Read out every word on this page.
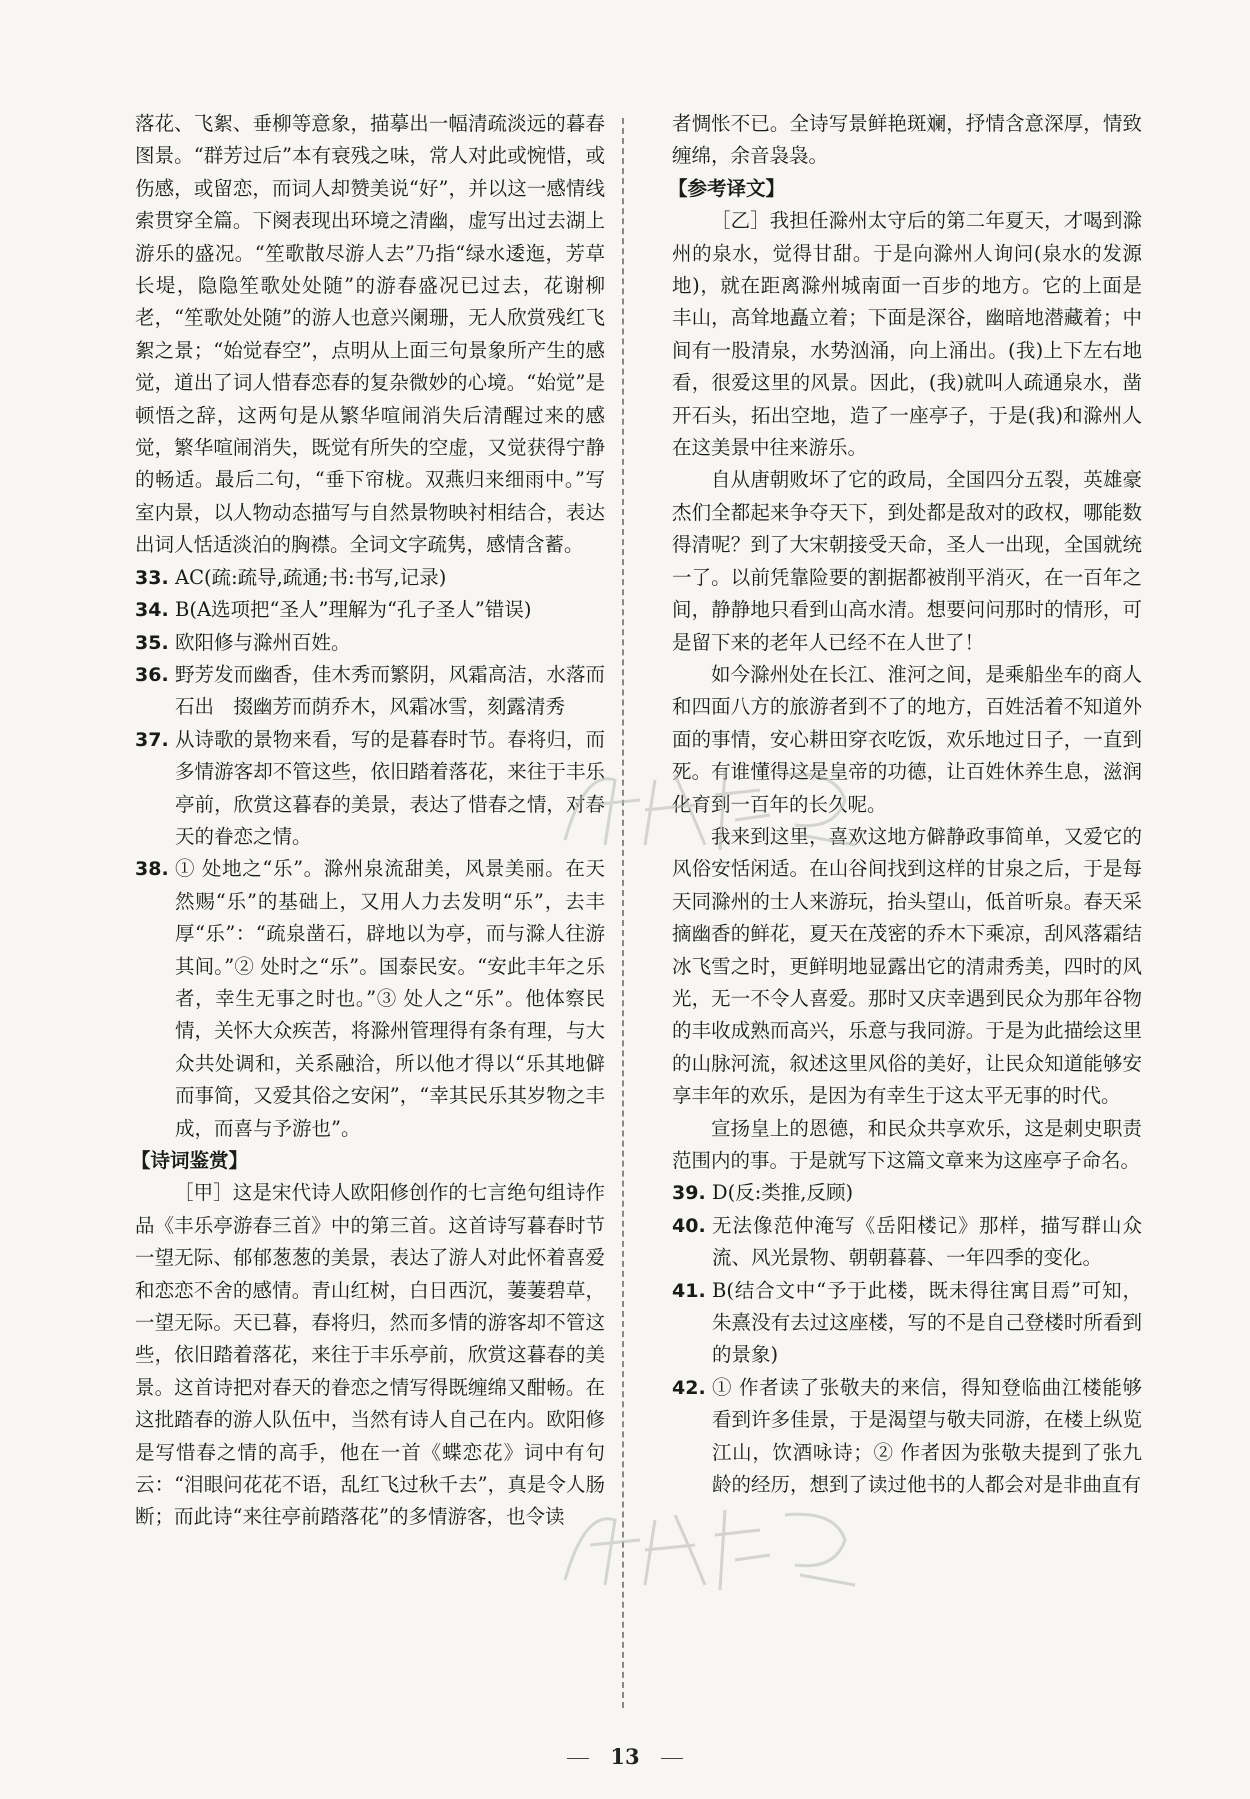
落花、飞絮、垂柳等意象，描摹出一幅清疏淡远的暮春图景。“群芳过后”本有衰残之味，常人对此或惋惜，或伤感，或留恋，而词人却赞美说“好”，并以这一感情线索贯穿全篇。下阕表现出环境之清幽，虚写出过去湖上游乐的盛况。“笙歌散尽游人去”乃指“绿水逶迤，芳草长堤，隐隐笙歌处处随”的游春盛况已过去，花谢柳老，“笙歌处处随”的游人也意兴阑珊，无人欣赏残红飞絮之景；“始觉春空”，点明从上面三句景象所产生的感觉，道出了词人惜春恋春的复杂微妙的心境。“始觉”是顿悟之辞，这两句是从繁华喧闹消失后清醒过来的感觉，繁华喧闹消失，既觉有所失的空虚，又觉获得宁静的畅适。最后二句，“垂下帘栊。双燕归来细雨中。”写室内景，以人物动态描写与自然景物映衬相结合，表达出词人恬适淡泊的胸襟。全词文字疏隽，感情含蓄。

33. AC(疏:疏导,疏通;书:书写,记录)

34. B(A选项把“圣人”理解为“孔子圣人”错误)

35. 欧阳修与滁州百姓。

36. 野芳发而幽香，佳木秀而繁阴，风霜高洁，水落而石出　掇幽芳而荫乔木，风霜冰雪，刻露清秀

37. 从诗歌的景物来看，写的是暮春时节。春将归，而多情游客却不管这些，依旧踏着落花，来往于丰乐亭前，欣赏这暮春的美景，表达了惜春之情，对春天的眷恋之情。

38. ① 处地之“乐”。滁州泉流甜美，风景美丽。在天然赐“乐”的基础上，又用人力去发明“乐”，去丰厚“乐”：“疏泉凿石，辟地以为亭，而与滁人往游其间。”② 处时之“乐”。国泰民安。“安此丰年之乐者，幸生无事之时也。”③ 处人之“乐”。他体察民情，关怀大众疾苦，将滁州管理得有条有理，与大众共处调和，关系融洽，所以他才得以“乐其地僻而事简，又爱其俗之安闲”，“幸其民乐其岁物之丰成，而喜与予游也”。

【诗词鉴赏】

［甲］这是宋代诗人欧阳修创作的七言绝句组诗作品《丰乐亭游春三首》中的第三首。这首诗写暮春时节一望无际、郁郁葱葱的美景，表达了游人对此怀着喜爱和恋恋不舍的感情。青山红树，白日西沉，萋萋碧草，一望无际。天已暮，春将归，然而多情的游客却不管这些，依旧踏着落花，来往于丰乐亭前，欣赏这暮春的美景。这首诗把对春天的眷恋之情写得既缠绵又酣畅。在这批踏春的游人队伍中，当然有诗人自己在内。欧阳修是写惜春之情的高手，他在一首《蝶恋花》词中有句云：“泪眼问花花不语，乱红飞过秋千去”，真是令人肠断；而此诗“来往亭前踏落花”的多情游客，也令读

者惆怅不已。全诗写景鲜艳斑斓，抒情含意深厚，情致缠绵，余音袅袅。

【参考译文】

［乙］我担任滁州太守后的第二年夏天，才喝到滁州的泉水，觉得甘甜。于是向滁州人询问(泉水的发源地)，就在距离滁州城南面一百步的地方。它的上面是丰山，高耸地矗立着；下面是深谷，幽暗地潜藏着；中间有一股清泉，水势汹涌，向上涌出。(我)上下左右地看，很爱这里的风景。因此，(我)就叫人疏通泉水，凿开石头，拓出空地，造了一座亭子，于是(我)和滁州人在这美景中往来游乐。

自从唐朝败坏了它的政局，全国四分五裂，英雄豪杰们全都起来争夺天下，到处都是敌对的政权，哪能数得清呢？到了大宋朝接受天命，圣人一出现，全国就统一了。以前凭靠险要的割据都被削平消灭，在一百年之间，静静地只看到山高水清。想要问问那时的情形，可是留下来的老年人已经不在人世了！

如今滁州处在长江、淮河之间，是乘船坐车的商人和四面八方的旅游者到不了的地方，百姓活着不知道外面的事情，安心耕田穿衣吃饭，欢乐地过日子，一直到死。有谁懂得这是皇帝的功德，让百姓休养生息，滋润化育到一百年的长久呢。

我来到这里，喜欢这地方僻静政事简单，又爱它的风俗安恬闲适。在山谷间找到这样的甘泉之后，于是每天同滁州的士人来游玩，抬头望山，低首听泉。春天采摘幽香的鲜花，夏天在茂密的乔木下乘凉，刮风落霜结冰飞雪之时，更鲜明地显露出它的清肃秀美，四时的风光，无一不令人喜爱。那时又庆幸遇到民众为那年谷物的丰收成熟而高兴，乐意与我同游。于是为此描绘这里的山脉河流，叙述这里风俗的美好，让民众知道能够安享丰年的欢乐，是因为有幸生于这太平无事的时代。

宣扬皇上的恩德，和民众共享欢乐，这是刺史职责范围内的事。于是就写下这篇文章来为这座亭子命名。

39. D(反:类推,反顾)

40. 无法像范仲淹写《岳阳楼记》那样，描写群山众流、风光景物、朝朝暮暮、一年四季的变化。

41. B(结合文中“予于此楼，既未得往寓目焉”可知，朱熹没有去过这座楼，写的不是自己登楼时所看到的景象)

42. ① 作者读了张敬夫的来信，得知登临曲江楼能够看到许多佳景，于是渴望与敬夫同游，在楼上纵览江山，饮酒咏诗；② 作者因为张敬夫提到了张九龄的经历，想到了读过他书的人都会对是非曲直有

13
